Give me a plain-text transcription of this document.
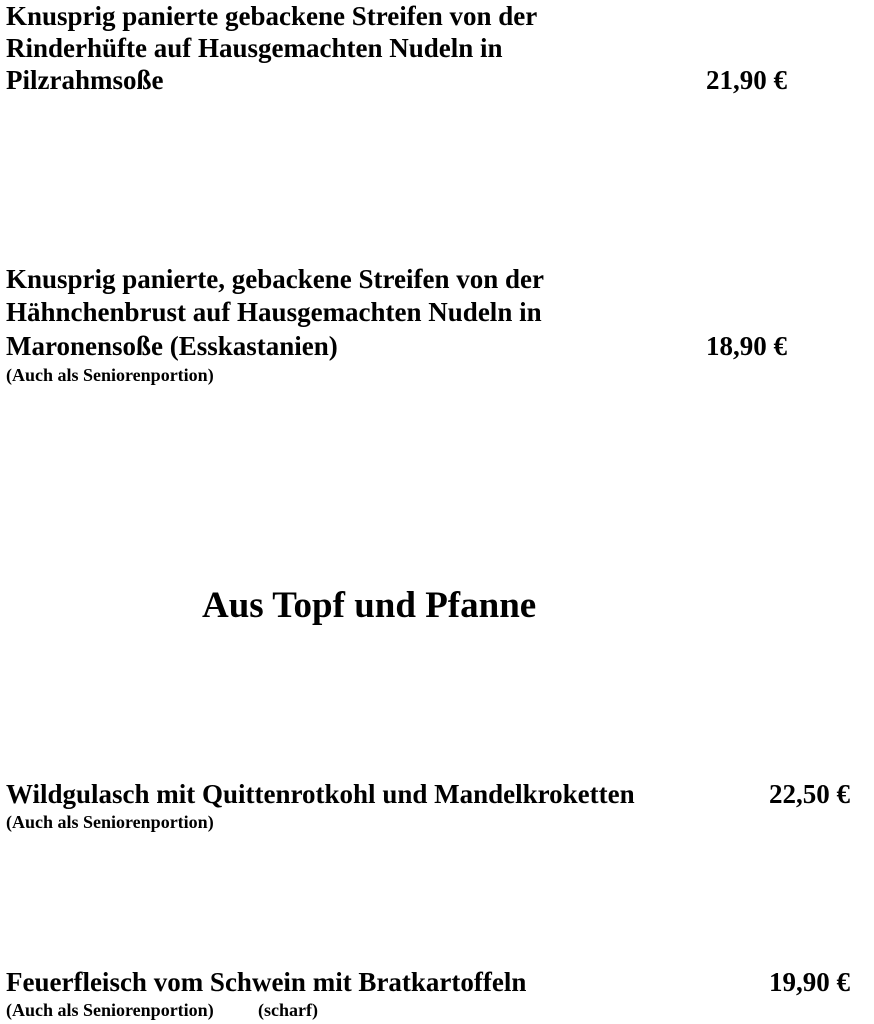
Knusprig panierte gebackene Streifen von der
Rinderhüfte auf Hausgemachten Nudeln in
Pilzrahmsoße	21,90 €
Knusprig panierte, gebackene Streifen von der
Hähnchenbrust auf Hausgemachten Nudeln in
Maronensoße (Esskastanien)	18,90 €
(Auch als Seniorenportion)
Aus Topf und Pfanne
Wildgulasch mit Quittenrotkohl und Mandelkroketten	22,50 €
(Auch als Seniorenportion)
Feuerfleisch vom Schwein mit Bratkartoffeln	19,90 €
(Auch als Seniorenportion) (scharf)
